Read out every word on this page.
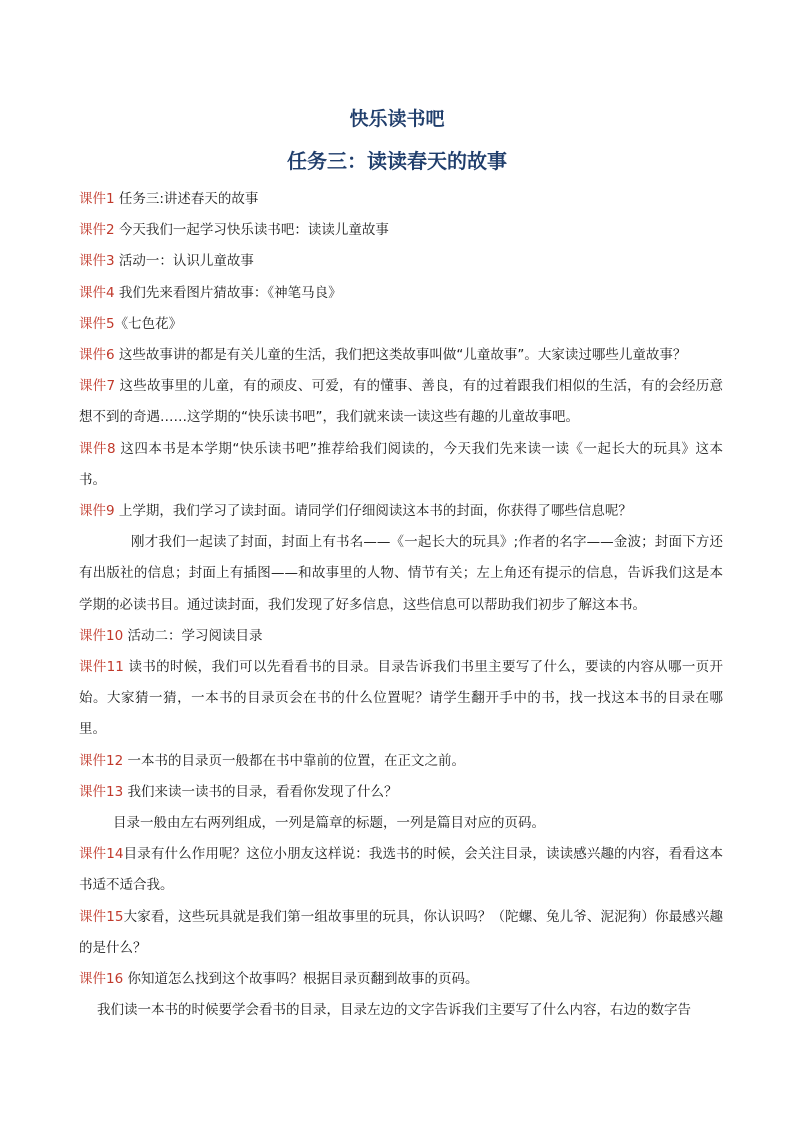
快乐读书吧
任务三：读读春天的故事

课件1 任务三:讲述春天的故事

课件2 今天我们一起学习快乐读书吧：读读儿童故事

课件3 活动一：认识儿童故事

课件4 我们先来看图片猜故事：《神笔马良》

课件5《七色花》

课件6 这些故事讲的都是有关儿童的生活，我们把这类故事叫做“儿童故事”。大家读过哪些儿童故事？

课件7 这些故事里的儿童，有的顽皮、可爱，有的懂事、善良，有的过着跟我们相似的生活，有的会经历意想不到的奇遇……这学期的“快乐读书吧”，我们就来读一读这些有趣的儿童故事吧。

课件8 这四本书是本学期“快乐读书吧”推荐给我们阅读的，今天我们先来读一读《一起长大的玩具》这本书。

课件9 上学期，我们学习了读封面。请同学们仔细阅读这本书的封面，你获得了哪些信息呢？

刚才我们一起读了封面，封面上有书名——《一起长大的玩具》;作者的名字——金波；封面下方还有出版社的信息；封面上有插图——和故事里的人物、情节有关；左上角还有提示的信息，告诉我们这是本学期的必读书目。通过读封面，我们发现了好多信息，这些信息可以帮助我们初步了解这本书。

课件10 活动二：学习阅读目录

课件11 读书的时候，我们可以先看看书的目录。目录告诉我们书里主要写了什么，要读的内容从哪一页开始。大家猜一猜，一本书的目录页会在书的什么位置呢？请学生翻开手中的书，找一找这本书的目录在哪里。

课件12 一本书的目录页一般都在书中靠前的位置，在正文之前。

课件13 我们来读一读书的目录，看看你发现了什么？

目录一般由左右两列组成，一列是篇章的标题，一列是篇目对应的页码。

课件14目录有什么作用呢？这位小朋友这样说：我选书的时候，会关注目录，读读感兴趣的内容，看看这本书适不适合我。

课件15大家看，这些玩具就是我们第一组故事里的玩具，你认识吗？（陀螺、兔儿爷、泥泥狗）你最感兴趣的是什么？

课件16 你知道怎么找到这个故事吗？根据目录页翻到故事的页码。

我们读一本书的时候要学会看书的目录，目录左边的文字告诉我们主要写了什么内容，右边的数字告
